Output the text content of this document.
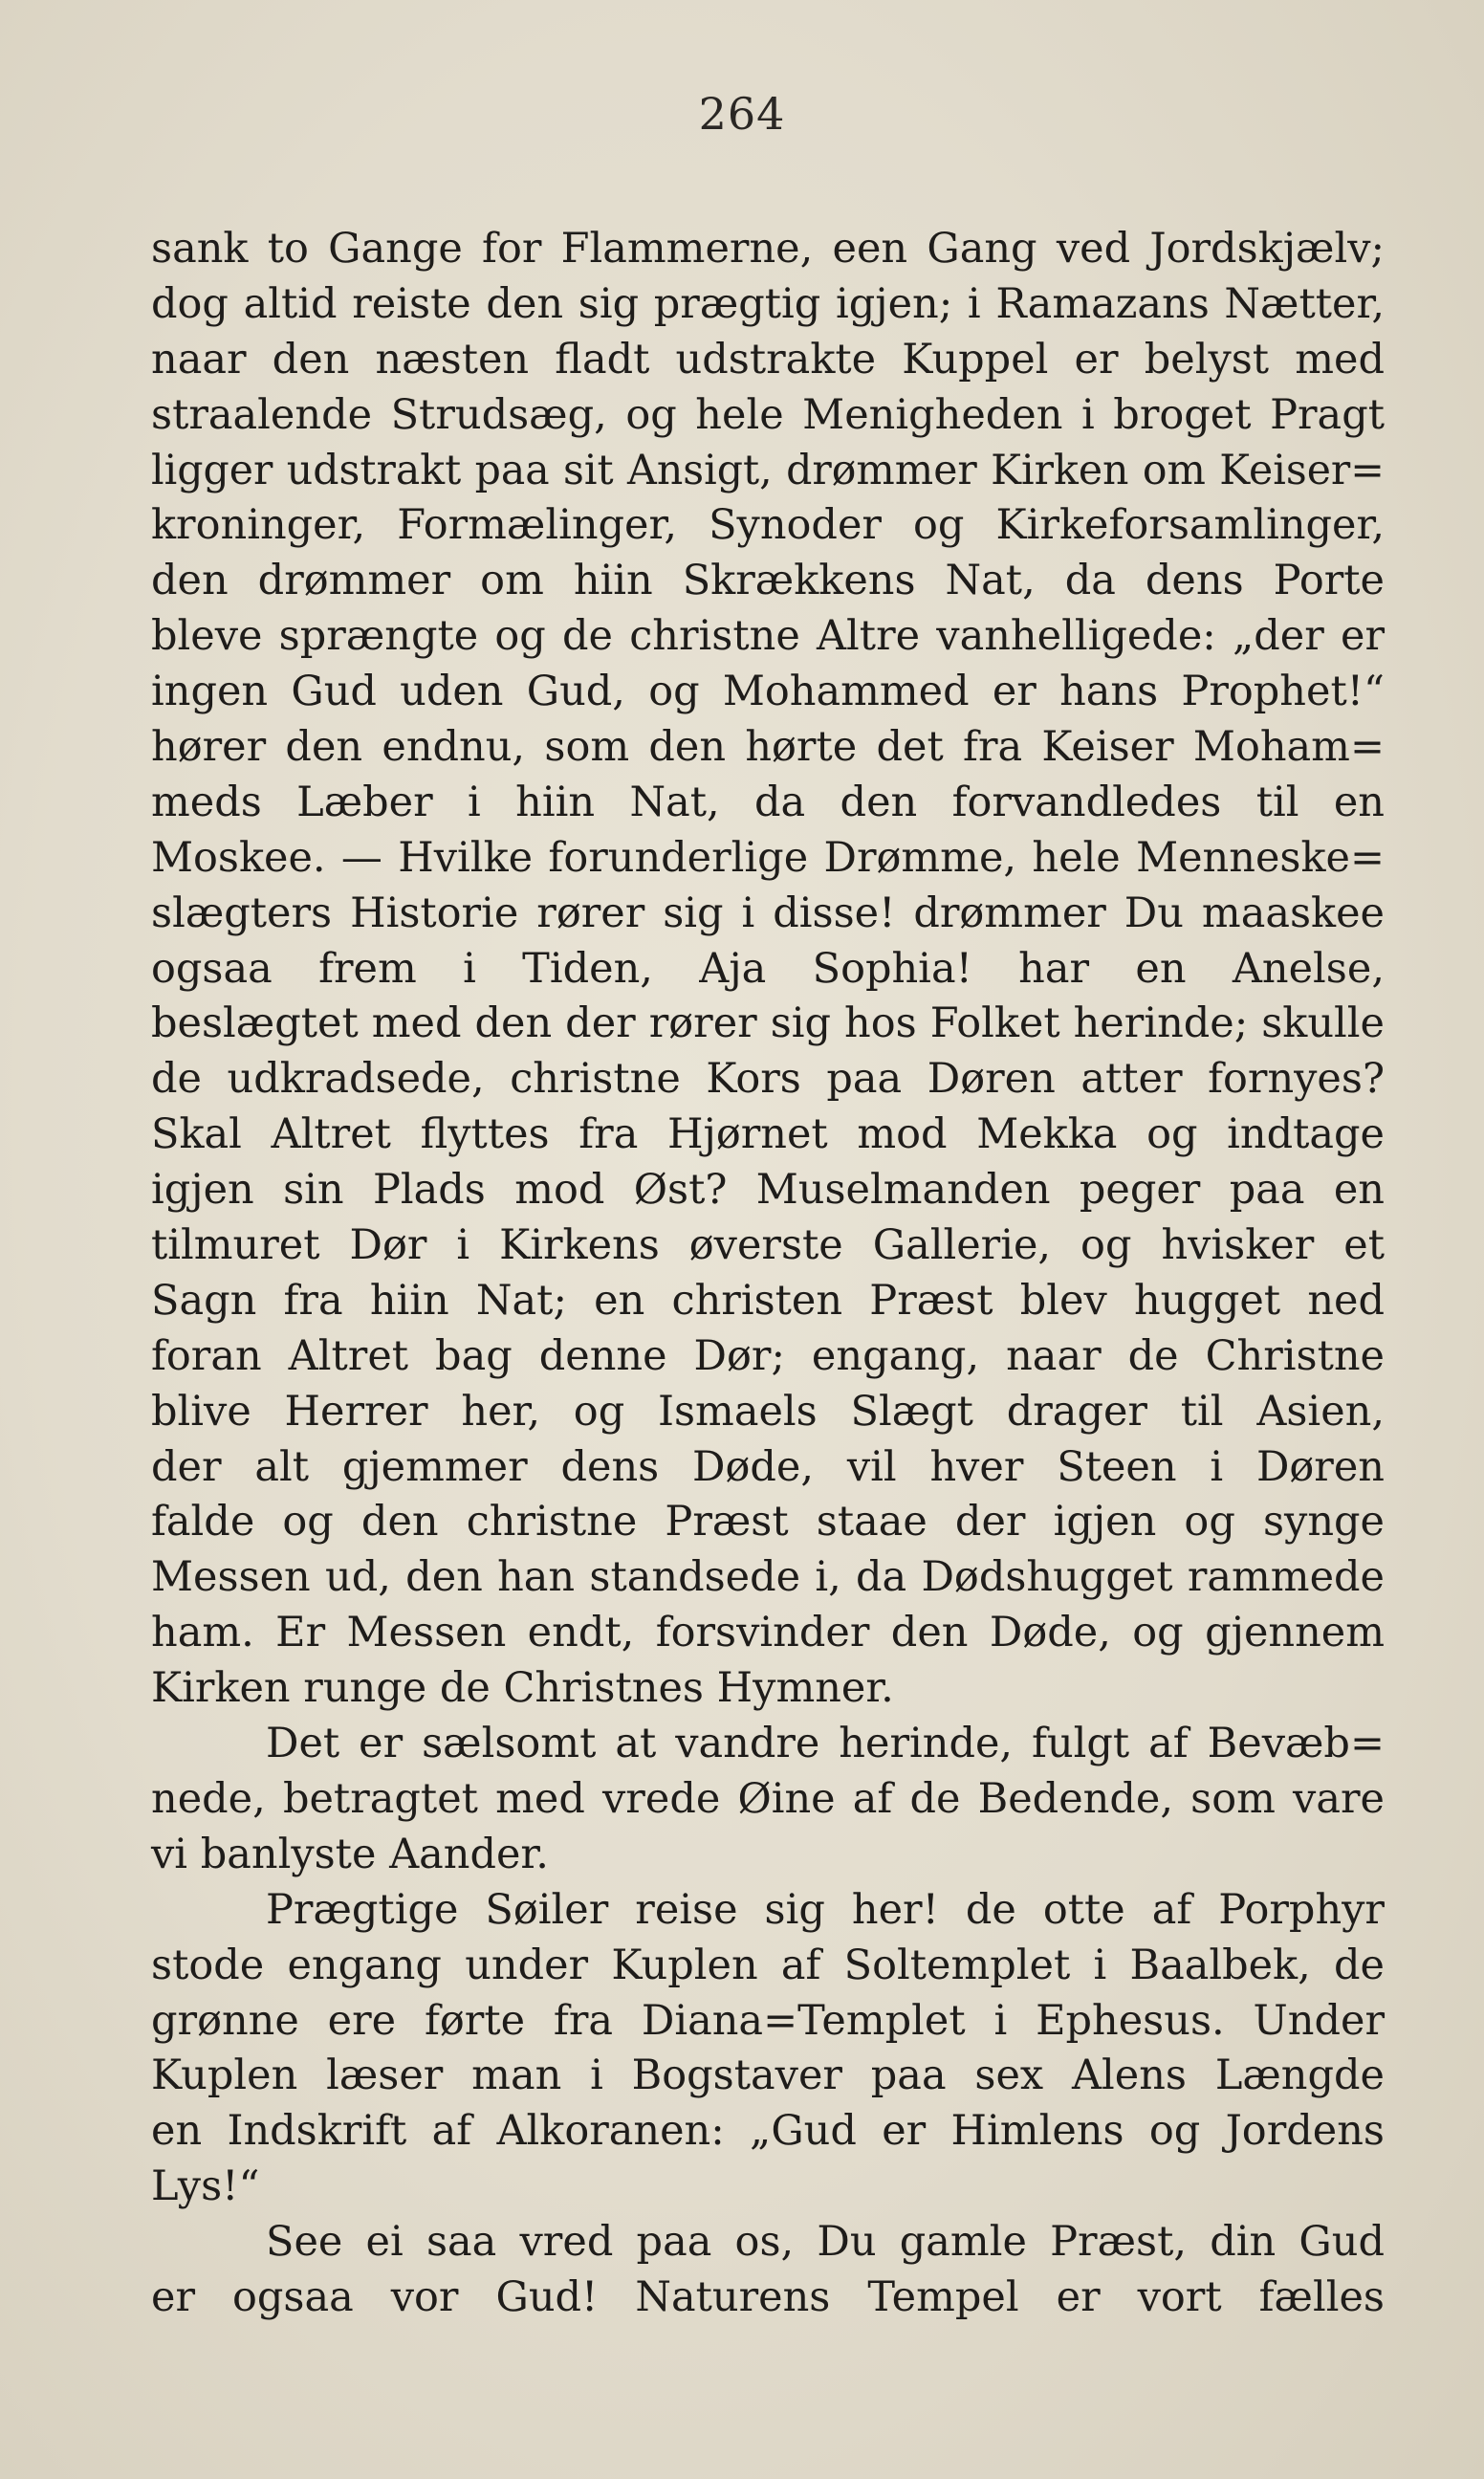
264
sank to Gange for Flammerne, een Gang ved Jordskjælv;
dog altid reiste den sig prægtig igjen; i Ramazans Nætter,
naar den næsten fladt udstrakte Kuppel er belyst med
straalende Strudsæg, og hele Menigheden i broget Pragt
ligger udstrakt paa sit Ansigt, drømmer Kirken om Keiser=
kroninger, Formælinger, Synoder og Kirkeforsamlinger,
den drømmer om hiin Skrækkens Nat, da dens Porte
bleve sprængte og de christne Altre vanhelligede: „der er
ingen Gud uden Gud, og Mohammed er hans Prophet!“
hører den endnu, som den hørte det fra Keiser Moham=
meds Læber i hiin Nat, da den forvandledes til en
Moskee. — Hvilke forunderlige Drømme, hele Menneske=
slægters Historie rører sig i disse! drømmer Du maaskee
ogsaa frem i Tiden, Aja Sophia! har en Anelse,
beslægtet med den der rører sig hos Folket herinde; skulle
de udkradsede, christne Kors paa Døren atter fornyes?
Skal Altret flyttes fra Hjørnet mod Mekka og indtage
igjen sin Plads mod Øst? Muselmanden peger paa en
tilmuret Dør i Kirkens øverste Gallerie, og hvisker et
Sagn fra hiin Nat; en christen Præst blev hugget ned
foran Altret bag denne Dør; engang, naar de Christne
blive Herrer her, og Ismaels Slægt drager til Asien,
der alt gjemmer dens Døde, vil hver Steen i Døren
falde og den christne Præst staae der igjen og synge
Messen ud, den han standsede i, da Dødshugget rammede
ham. Er Messen endt, forsvinder den Døde, og gjennem
Kirken runge de Christnes Hymner.
Det er sælsomt at vandre herinde, fulgt af Bevæb=
nede, betragtet med vrede Øine af de Bedende, som vare
vi banlyste Aander.
Prægtige Søiler reise sig her! de otte af Porphyr
stode engang under Kuplen af Soltemplet i Baalbek, de
grønne ere førte fra Diana=Templet i Ephesus. Under
Kuplen læser man i Bogstaver paa sex Alens Længde
en Indskrift af Alkoranen: „Gud er Himlens og Jordens
Lys!“
See ei saa vred paa os, Du gamle Præst, din Gud
er ogsaa vor Gud! Naturens Tempel er vort fælles
